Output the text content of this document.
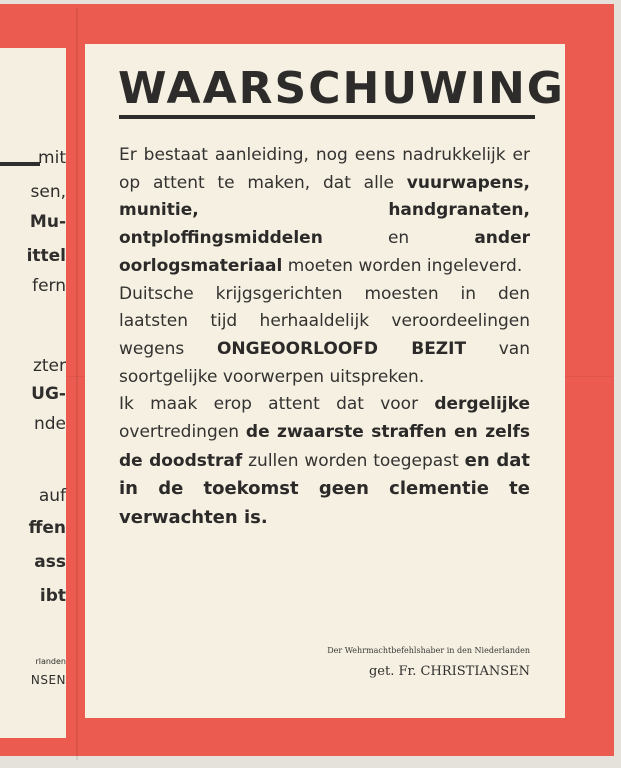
mit

sen,

Mu-

ittel

fern

zter

UG-

nde

auf

ffen

ass

ibt

rlanden

NSEN

WAARSCHUWING

Er bestaat aanleiding, nog eens nadrukkelijk er op attent te maken, dat alle vuurwapens, munitie, handgranaten, ontploffingsmiddelen en ander oorlogsmateriaal moeten worden ingeleverd.

Duitsche krijgsgerichten moesten in den laatsten tijd herhaaldelijk veroordeelingen wegens ONGEOORLOOFD BEZIT van soortgelijke voorwerpen uitspreken.

Ik maak erop attent dat voor dergelijke overtredingen de zwaarste straffen en zelfs de doodstraf zullen worden toegepast en dat in de toekomst geen clementie te verwachten is.

Der Wehrmachtbefehlshaber in den Niederlanden

get. Fr. CHRISTIANSEN
